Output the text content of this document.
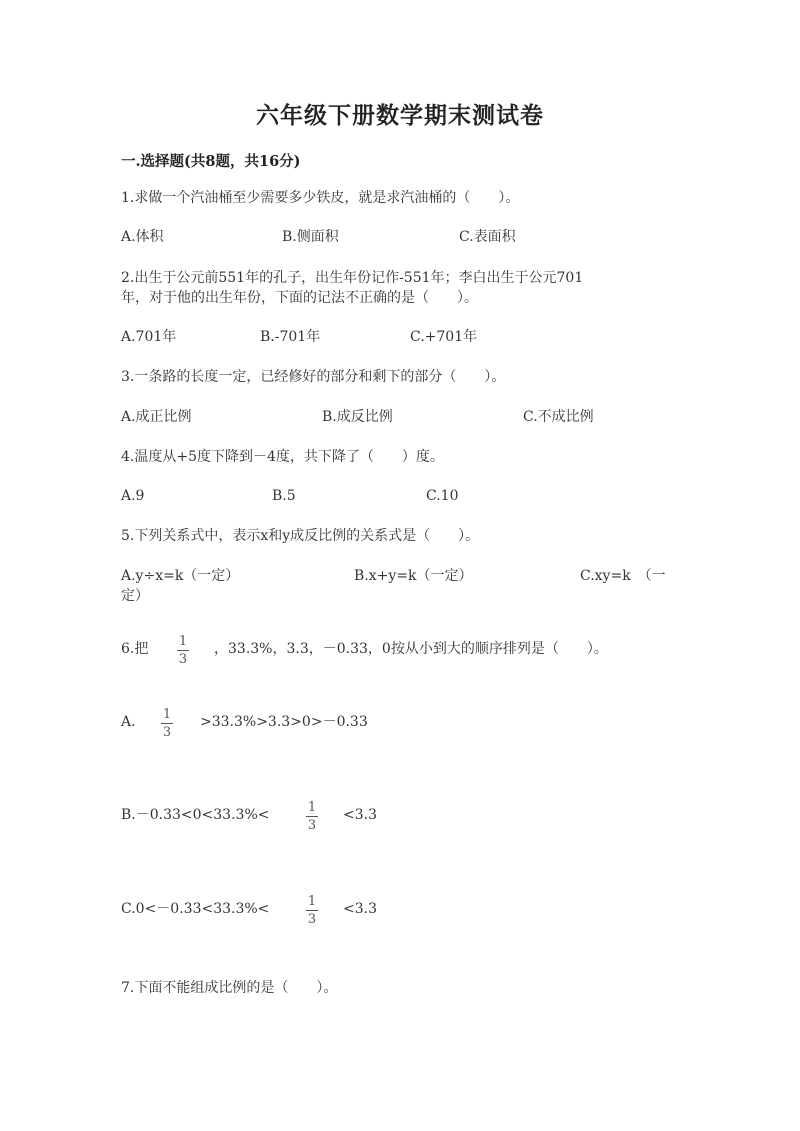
六年级下册数学期末测试卷
一.选择题(共8题，共16分)
1.求做一个汽油桶至少需要多少铁皮，就是求汽油桶的（　　）。
A.体积	B.侧面积	C.表面积
2.出生于公元前551年的孔子，出生年份记作-551年；李白出生于公元701
年，对于他的出生年份，下面的记法不正确的是（　　）。
A.701年	B.-701年	C.+701年
3.一条路的长度一定，已经修好的部分和剩下的部分（　　）。
A.成正比例	B.成反比例	C.不成比例
4.温度从+5度下降到－4度，共下降了（　　）度。
A.9	B.5	C.10
5.下列关系式中，表示x和y成反比例的关系式是（　　）。
A.y÷x=k（一定）	B.x+y=k（一定）	C.xy=k　（一
定）
6.把 1
3
，33.3%，3.3，－0.33，0按从小到大的顺序排列是（　　）。
A. 1
3
>33.3%>3.3>0>－0.33
B.－0.33<0<33.3%<	1
3
<3.3
C.0<－0.33<33.3%<	1
3
<3.3
7.下面不能组成比例的是（　　）。
